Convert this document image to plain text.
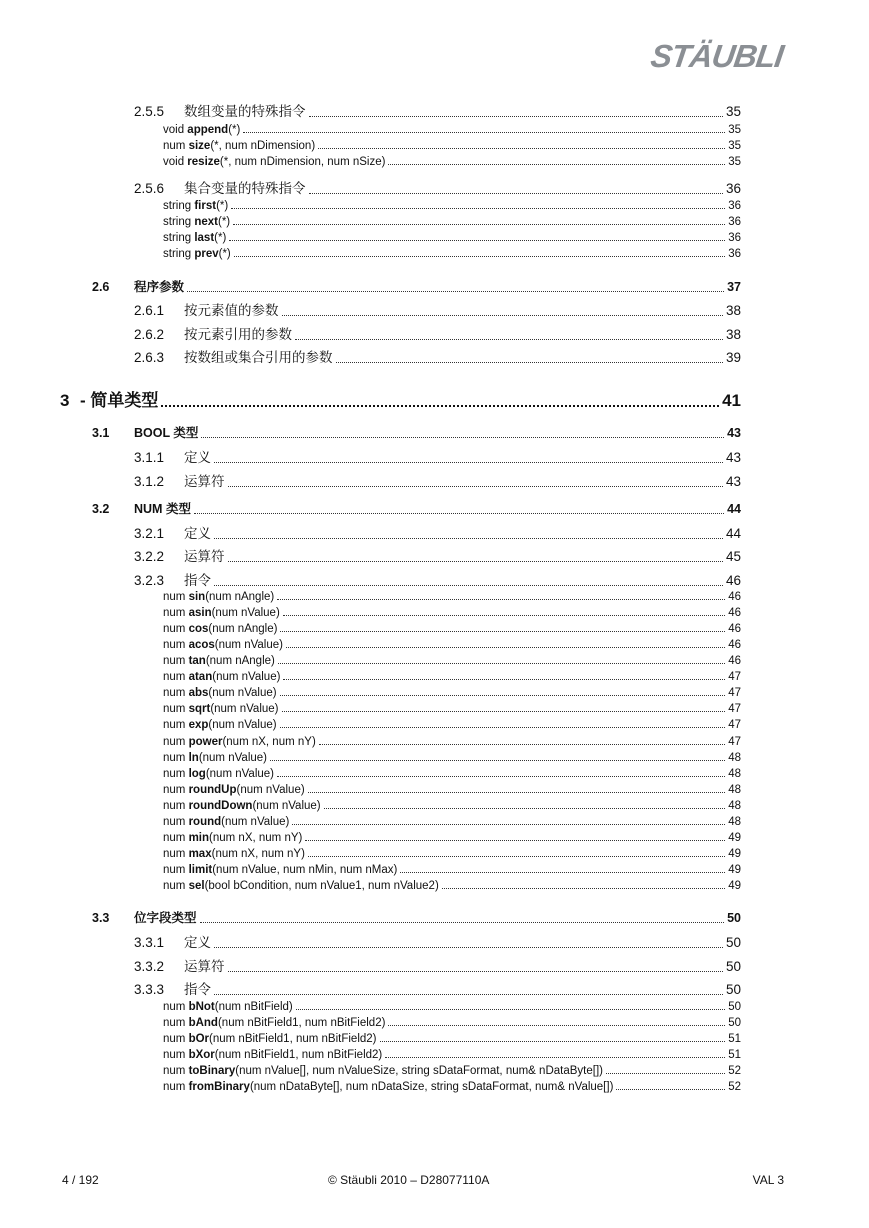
STÄUBLI
2.5.5	数组变量的特殊指令	35
void append(*)	35
num size(*, num nDimension)	35
void resize(*, num nDimension, num nSize)	35
2.5.6	集合变量的特殊指令	36
string first(*)	36
string next(*)	36
string last(*)	36
string prev(*)	36
2.6	程序参数	37
2.6.1	按元素值的参数	38
2.6.2	按元素引用的参数	38
2.6.3	按数组或集合引用的参数	39
3 - 简单类型	41
3.1	BOOL 类型	43
3.1.1	定义	43
3.1.2	运算符	43
3.2	NUM 类型	44
3.2.1	定义	44
3.2.2	运算符	45
3.2.3	指令	46
num sin(num nAngle)	46
num asin(num nValue)	46
num cos(num nAngle)	46
num acos(num nValue)	46
num tan(num nAngle)	46
num atan(num nValue)	47
num abs(num nValue)	47
num sqrt(num nValue)	47
num exp(num nValue)	47
num power(num nX, num nY)	47
num ln(num nValue)	48
num log(num nValue)	48
num roundUp(num nValue)	48
num roundDown(num nValue)	48
num round(num nValue)	48
num min(num nX, num nY)	49
num max(num nX, num nY)	49
num limit(num nValue, num nMin, num nMax)	49
num sel(bool bCondition, num nValue1, num nValue2)	49
3.3	位字段类型	50
3.3.1	定义	50
3.3.2	运算符	50
3.3.3	指令	50
num bNot(num nBitField)	50
num bAnd(num nBitField1, num nBitField2)	50
num bOr(num nBitField1, num nBitField2)	51
num bXor(num nBitField1, num nBitField2)	51
num toBinary(num nValue[], num nValueSize, string sDataFormat, num& nDataByte[])	52
num fromBinary(num nDataByte[], num nDataSize, string sDataFormat, num& nValue[])	52
4 / 192	© Stäubli 2010 – D28077110A	VAL 3
